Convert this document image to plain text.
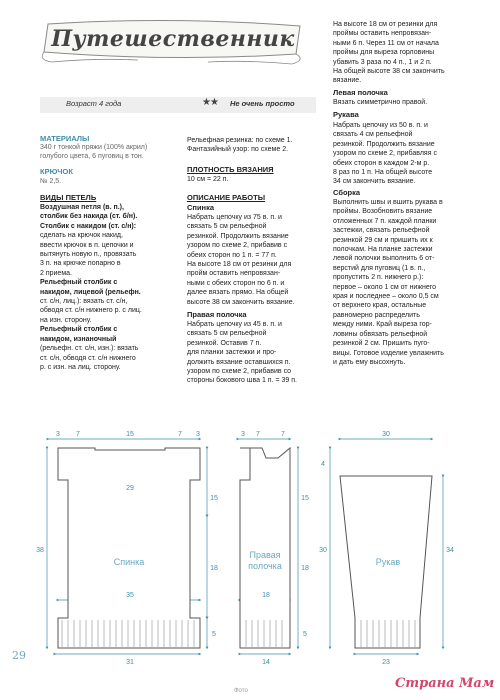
Путешественник
Возраст 4 года	★★ Не очень просто
МАТЕРИАЛЫ
340 г тонкой пряжи (100% акрил)
голубого цвета, 6 пуговиц в тон.
КРЮЧОК
№ 2,5.
ВИДЫ ПЕТЕЛЬ
Воздушная петля (в. п.),
столбик без накида (ст. б/н).
Столбик с накидом (ст. с/н):
сделать на крючок накид,
ввести крючок в п. цепочки и
вытянуть новую п., провязать
3 п. на крючке попарно в
2 приема.
Рельефный столбик с
накидом, лицевой (рельефн.
ст. с/н, лиц.): вязать ст. с/н,
обводя ст. с/н нижнего р. с лиц.
на изн. сторону.
Рельефный столбик с
накидом, изнаночный
(рельефн. ст. с/н, изн.): вязать
ст. с/н, обводя ст. с/н нижнего
р. с изн. на лиц. сторону.
Рельефная резинка: по схеме 1.
Фантазийный узор: по схеме 2.
ПЛОТНОСТЬ ВЯЗАНИЯ
10 см = 22 п.
ОПИСАНИЕ РАБОТЫ
Спинка
Набрать цепочку из 75 в. п. и
связать 5 см рельефной
резинкой. Продолжить вязание
узором по схеме 2, прибавив с
обеих сторон по 1 п. = 77 п.
На высоте 18 см от резинки для
пройм оставить непровязан-
ными с обеих сторон по 6 п. и
далее вязать прямо. На общей
высоте 38 см закончить вязание.
Правая полочка
Набрать цепочку из 45 в. п. и
связать 5 см рельефной
резинкой. Оставив 7 п.
для планки застежки и про-
должить вязание оставшихся п.
узором по схеме 2, прибавив со
стороны бокового шва 1 п. = 39 п.
На высоте 18 см от резинки для
проймы оставить непровязан-
ными 6 п. Через 11 см от начала
проймы для выреза горловины
убавить 3 раза по 4 п., 1 и 2 п.
На общей высоте 38 см закончить
вязание.
Левая полочка
Вязать симметрично правой.
Рукава
Набрать цепочку из 50 в. п. и
связать 4 см рельефной
резинкой. Продолжить вязание
узором по схеме 2, прибавляя с
обеих сторон в каждом 2-м р.
8 раз по 1 п. На общей высоте
34 см закончить вязание.
Сборка
Выполнить швы и вшить рукава в
проймы. Возобновить вязание
отложенных 7 п. каждой планки
застежки, связать рельефной
резинкой 29 см и пришить их к
полочкам. На планке застежки
левой полочки выполнить 6 от-
верстий для пуговиц (1 в. п.,
пропустить 2 п. нижнего р.):
первое – около 1 см от нижнего
края и последнее – около 0,5 см
от верхнего края, остальные
равномерно распределить
между ними. Край выреза гор-
ловины обвязать рельефной
резинкой 2 см. Пришить пуго-
вицы. Готовое изделие увлажнить
и дать ему высохнуть.
3 7	15	7 3
29
35
31
38
15
18
5
3 7	7
18
14
15
18
5
30
23
4
30	34
Спинка
Правая
полочка	Рукав
29
Фото	Страна Мам
